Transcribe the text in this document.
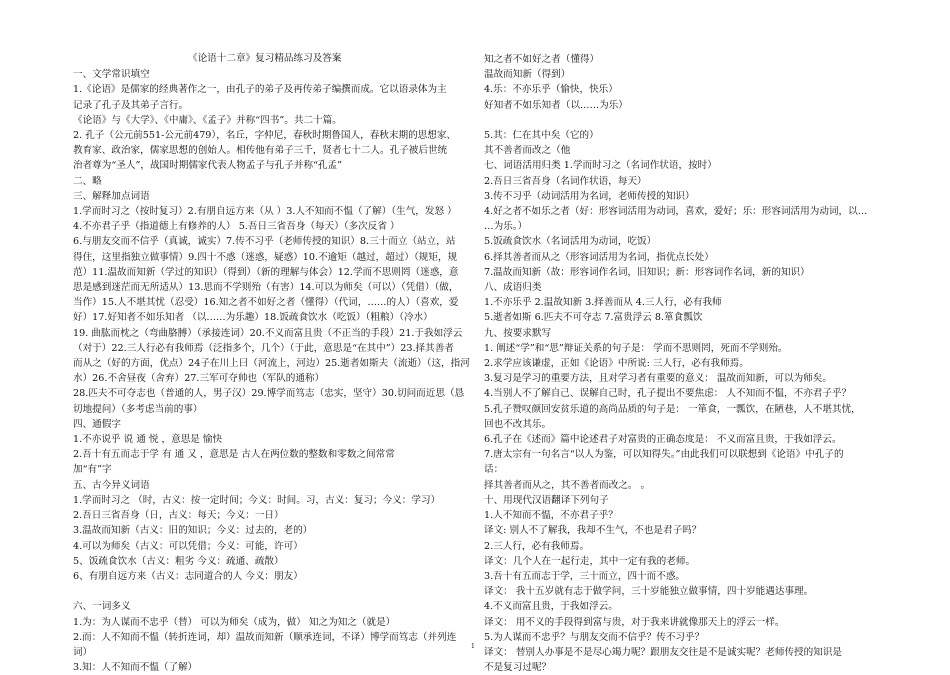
《论语十二章》复习精品练习及答案

一、文学常识填空
1.《论语》是儒家的经典著作之一，由孔子的弟子及再传弟子编撰而成。它以语录体为主
记录了孔子及其弟子言行。
《论语》与《大学》、《中庸》、《孟子》并称“四书”。共二十篇。
2. 孔子（公元前551-公元前479），名丘，字仲尼，春秋时期鲁国人，春秋末期的思想家、
教育家、政治家，儒家思想的创始人。相传他有弟子三千，贤者七十二人。孔子被后世统
治者尊为“圣人”，战国时期儒家代表人物孟子与孔子并称“孔孟”
二、略
三、解释加点词语
1.学而时习之（按时复习）2.有朋自远方来（从 ）3.人不知而不愠（了解）（生气，发怒 ）
4.不亦君子乎（指道德上有修养的人） 5.吾日三省吾身（每天）（多次反省 ）
6.与朋友交而不信乎（真诚，诚实）7.传不习乎（老师传授的知识）8.三十而立（站立，站
得住，这里指独立做事情）9.四十不惑（迷惑，疑惑）10.不逾矩（越过，超过）（规矩，规
范）11.温故而知新（学过的知识）（得到）（新的理解与体会）12.学而不思则罔（迷惑，意
思是感到迷茫而无所适从）13.思而不学则殆（有害）14.可以为师矣（可以）（凭借）（做，
当作）15.人不堪其忧（忍受）16.知之者不如好之者（懂得）（代词，……的人）（喜欢，爱
好）17.好知者不如乐知者 （以……为乐趣）18.饭疏食饮水（吃饭）（粗粮）（冷水）
19. 曲肱而枕之（弯曲胳膊）（承接连词）20.不义而富且贵（不正当的手段）21.于我如浮云
（对于）22.三人行必有我师焉（泛指多个，几个）（于此，意思是“在其中”）23.择其善者
而从之（好的方面，优点）24子在川上曰（河流上，河边）25.逝者如斯夫（流逝）（这，指河
水）26.不舍昼夜（舍弃）27.三军可夺帅也（军队的通称）
28.匹夫不可夺志也（普通的人，男子汉）29.博学而笃志（忠实，坚守）30.切问而近思（恳
切地提问）（多考虑当前的事）
四、通假字
1.不亦说乎 说 通 悦 ，意思是 愉快
2.吾十有五而志于学 有 通 又 ，意思是 古人在两位数的整数和零数之间常常
加“有”字
五、古今异义词语
1.学而时习之 （时，古义：按一定时间；今义：时间。习，古义：复习；今义：学习）
2.吾日三省吾身（日，古义：每天；今义：一日）
3.温故而知新（古义：旧的知识；今义：过去的，老的）
4.可以为师矣（古义：可以凭借；今义：可能，许可）
5、饭疏食饮水（古义：粗劣 今义：疏通、疏散）
6、有朋自远方来（古义：志同道合的人 今义：朋友）

六、一词多义
1.为：为人谋而不忠乎（替） 可以为师矣（成为，做） 知之为知之（就是）
2.而：人不知而不愠（转折连词，却）温故而知新（顺承连词，不译）博学而笃志（并列连
词）
3.知：人不知而不愠（了解）
知之者不如好之者（懂得）
温故而知新（得到）
4.乐：不亦乐乎（愉快，快乐）
好知者不如乐知者（以……为乐）

5.其：仁在其中矣（它的）
其不善者而改之（他
七、词语活用归类 1.学而时习之（名词作状语，按时）
2.吾日三省吾身（名词作状语，每天）
3.传不习乎（动词活用为名词，老师传授的知识）
4.好之者不如乐之者（好：形容词活用为动词，喜欢，爱好；乐：形容词活用为动词，以…
…为乐。）
5.饭疏食饮水（名词活用为动词，吃饭）
6.择其善者而从之（形容词活用为名词，指优点长处）
7.温故而知新（故：形容词作名词，旧知识；新：形容词作名词，新的知识）
八、成语归类
1.不亦乐乎 2.温故知新 3.择善而从 4.三人行，必有我师
5.逝者如斯 6.匹夫不可夺志 7.富贵浮云 8.箪食瓢饮
九、按要求默写
1. 阐述“学”和“思”辩证关系的句子是： 学而不思则罔，死而不学则殆。
2.求学应该谦虚，正如《论语》中所说: 三人行，必有我师焉。
3.复习是学习的重要方法，且对学习者有重要的意义： 温故而知新，可以为师矣。
4.当别人不了解自己、误解自己时，孔子提出不要焦虑： 人不知而不愠，不亦君子乎？
5.孔子赞叹颜回安贫乐道的高尚品质的句子是： 一箪食，一瓢饮，在陋巷，人不堪其忧，
回也不改其乐。
6.孔子在《述而》篇中论述君子对富贵的正确态度是： 不义而富且贵，于我如浮云。
7.唐太宗有一句名言“以人为鉴，可以知得失。”由此我们可以联想到《论语》中孔子的
话：
择其善者而从之，其不善者而改之。 。
十、用现代汉语翻译下列句子
1.人不知而不愠，不亦君子乎？
译文: 别人不了解我，我却不生气，不也是君子吗？
2.三人行，必有我师焉。
译文：几个人在一起行走，其中一定有我的老师。
3.吾十有五而志于学，三十而立，四十而不惑。
译文： 我十五岁就有志于做学问，三十岁能独立做事情，四十岁能遇达事理。
4.不义而富且贵，于我如浮云。
译文： 用不义的手段得到富与贵，对于我来讲就像那天上的浮云一样。
5.为人谋而不忠乎？与朋友交而不信乎？传不习乎？
译文： 替别人办事是不是尽心竭力呢？跟朋友交往是不是诚实呢？老师传授的知识是
不是复习过呢？
1
